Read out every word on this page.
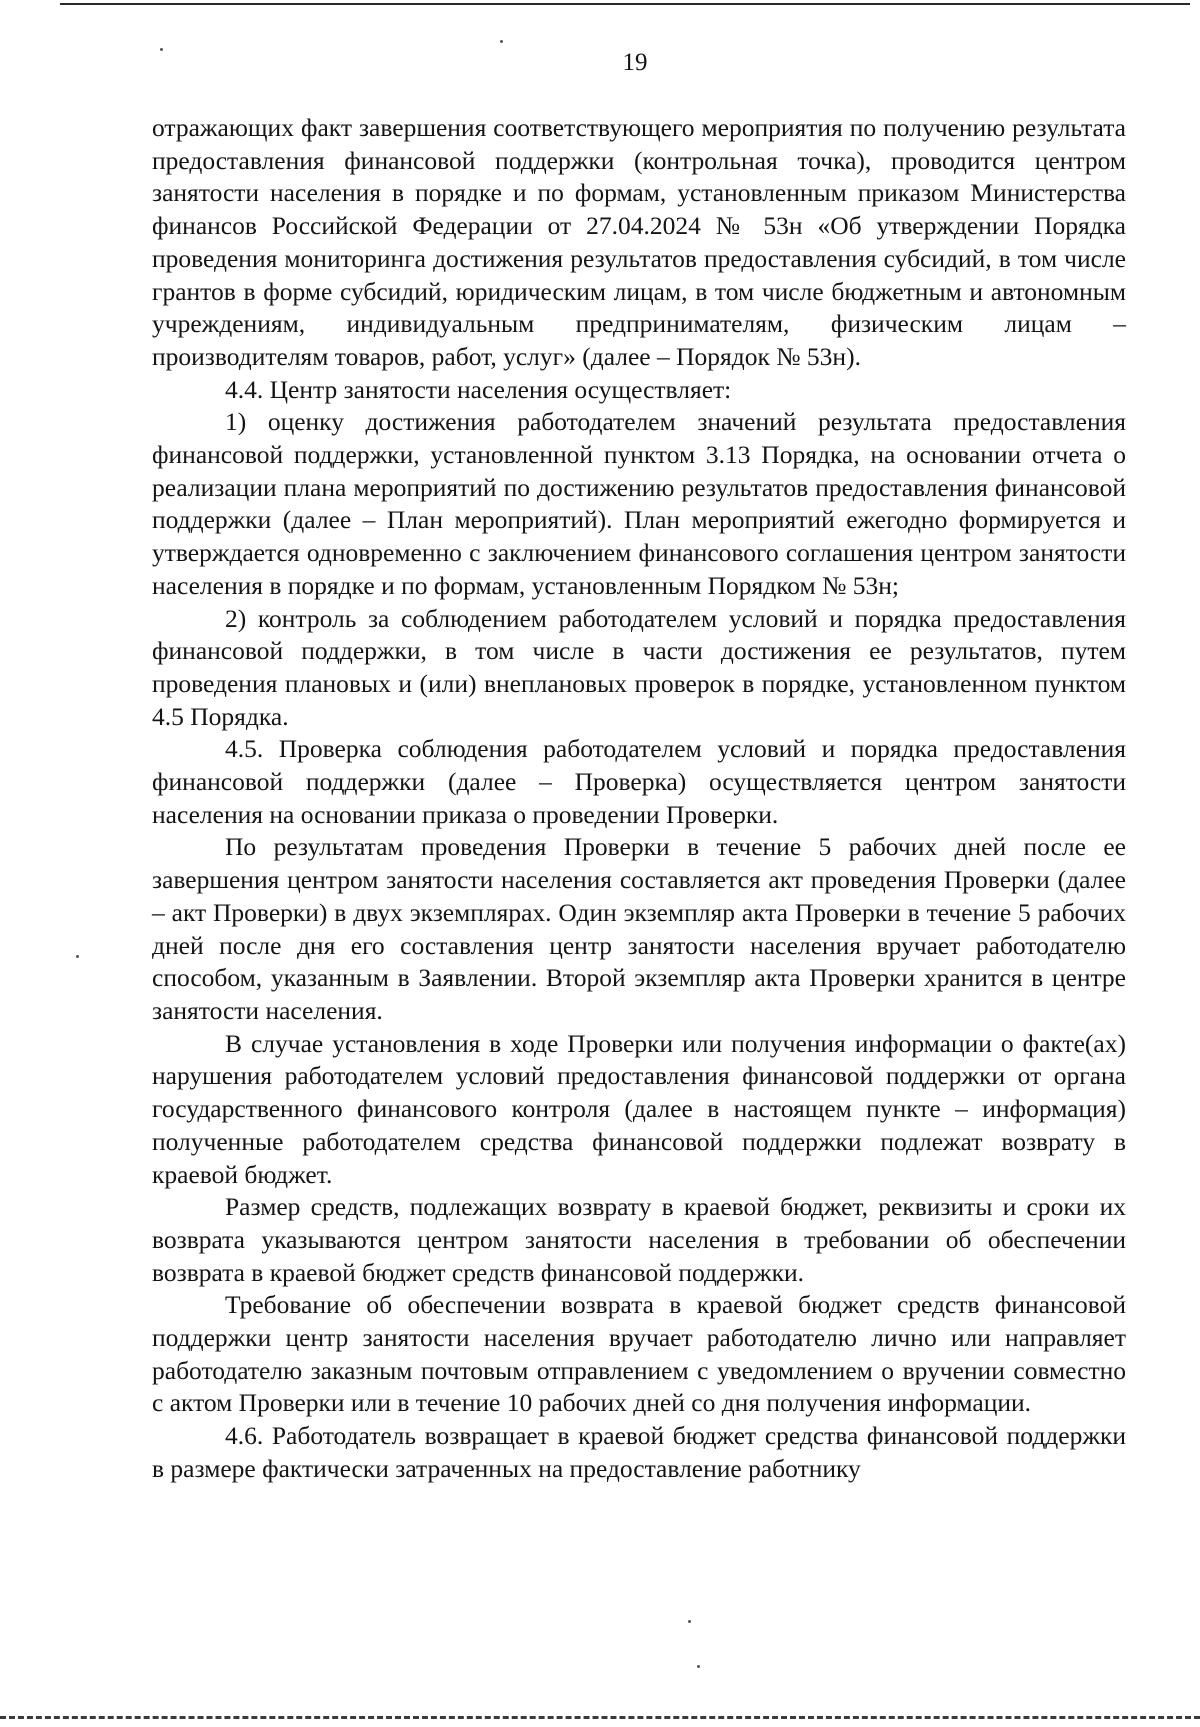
19

отражающих факт завершения соответствующего мероприятия по получению результата предоставления финансовой поддержки (контрольная точка), проводится центром занятости населения в порядке и по формам, установленным приказом Министерства финансов Российской Федерации от 27.04.2024 № 53н «Об утверждении Порядка проведения мониторинга достижения результатов предоставления субсидий, в том числе грантов в форме субсидий, юридическим лицам, в том числе бюджетным и автономным учреждениям, индивидуальным предпринимателям, физическим лицам – производителям товаров, работ, услуг» (далее – Порядок № 53н).

4.4. Центр занятости населения осуществляет:

1) оценку достижения работодателем значений результата предоставления финансовой поддержки, установленной пунктом 3.13 Порядка, на основании отчета о реализации плана мероприятий по достижению результатов предоставления финансовой поддержки (далее – План мероприятий). План мероприятий ежегодно формируется и утверждается одновременно с заключением финансового соглашения центром занятости населения в порядке и по формам, установленным Порядком № 53н;

2) контроль за соблюдением работодателем условий и порядка предоставления финансовой поддержки, в том числе в части достижения ее результатов, путем проведения плановых и (или) внеплановых проверок в порядке, установленном пунктом 4.5 Порядка.

4.5. Проверка соблюдения работодателем условий и порядка предоставления финансовой поддержки (далее – Проверка) осуществляется центром занятости населения на основании приказа о проведении Проверки.

По результатам проведения Проверки в течение 5 рабочих дней после ее завершения центром занятости населения составляется акт проведения Проверки (далее – акт Проверки) в двух экземплярах. Один экземпляр акта Проверки в течение 5 рабочих дней после дня его составления центр занятости населения вручает работодателю способом, указанным в Заявлении. Второй экземпляр акта Проверки хранится в центре занятости населения.

В случае установления в ходе Проверки или получения информации о факте(ах) нарушения работодателем условий предоставления финансовой поддержки от органа государственного финансового контроля (далее в настоящем пункте – информация) полученные работодателем средства финансовой поддержки подлежат возврату в краевой бюджет.

Размер средств, подлежащих возврату в краевой бюджет, реквизиты и сроки их возврата указываются центром занятости населения в требовании об обеспечении возврата в краевой бюджет средств финансовой поддержки.

Требование об обеспечении возврата в краевой бюджет средств финансовой поддержки центр занятости населения вручает работодателю лично или направляет работодателю заказным почтовым отправлением с уведомлением о вручении совместно с актом Проверки или в течение 10 рабочих дней со дня получения информации.

4.6. Работодатель возвращает в краевой бюджет средства финансовой поддержки в размере фактически затраченных на предоставление работнику
